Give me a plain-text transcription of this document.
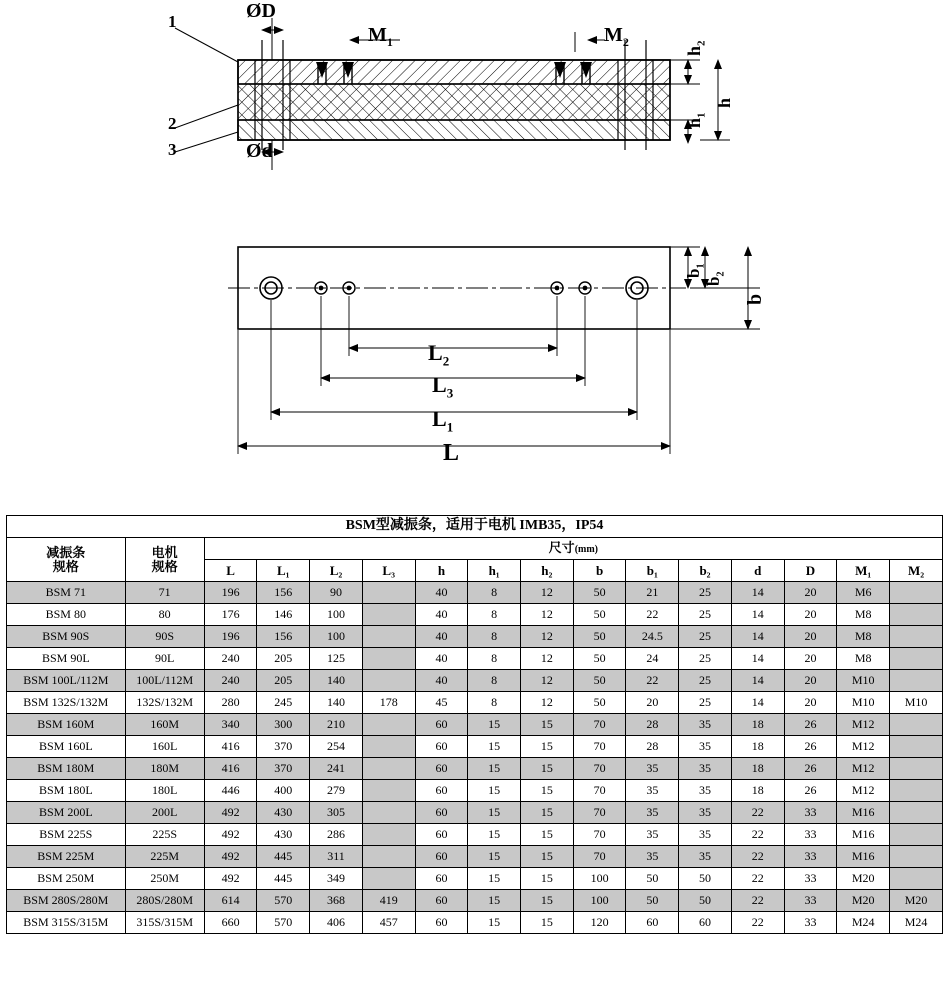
1
2
3
ØD
Ød
$M_1$	$M_2$
$h_2$
h
$h_1$
$b_1$
$b_2$
b
$L_2$
$L_3$
$L_1$
L
BSM型减振条，适用于电机 IMB35，IP54															

减振条
规格

电机
规格
	尺寸(mm)
		L	L₁	L₂	L₃	h	h₁	h₂	b	b₁	b₂	d	D	M₁	M₂
BSM 71	71	196	156	90		40	8	12	50	21	25	14	20	M6	
BSM 80	80	176	146	100		40	8	12	50	22	25	14	20	M8	
BSM 90S	90S	196	156	100		40	8	12	50	24.5	25	14	20	M8	
BSM 90L	90L	240	205	125		40	8	12	50	24	25	14	20	M8	
BSM 100L/112M	100L/112M	240	205	140		40	8	12	50	22	25	14	20	M10	
BSM 132S/132M	132S/132M	280	245	140	178	45	8	12	50	20	25	14	20	M10	M10
BSM 160M	160M	340	300	210		60	15	15	70	28	35	18	26	M12	
BSM 160L	160L	416	370	254		60	15	15	70	28	35	18	26	M12	
BSM 180M	180M	416	370	241		60	15	15	70	35	35	18	26	M12	
BSM 180L	180L	446	400	279		60	15	15	70	35	35	18	26	M12	
BSM 200L	200L	492	430	305		60	15	15	70	35	35	22	33	M16	
BSM 225S	225S	492	430	286		60	15	15	70	35	35	22	33	M16	
BSM 225M	225M	492	445	311		60	15	15	70	35	35	22	33	M16	
BSM 250M	250M	492	445	349		60	15	15	100	50	50	22	33	M20	
BSM 280S/280M	280S/280M	614	570	368	419	60	15	15	100	50	50	22	33	M20	M20
BSM 315S/315M	315S/315M	660	570	406	457	60	15	15	120	60	60	22	33	M24	M24
